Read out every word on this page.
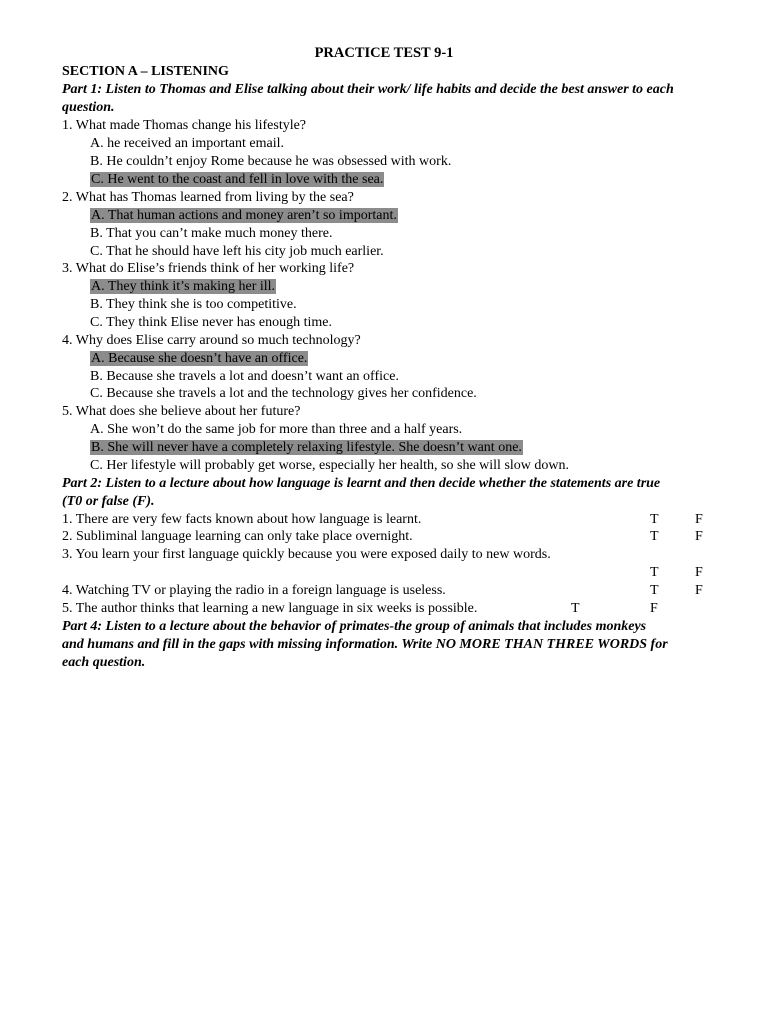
PRACTICE TEST 9-1
SECTION A – LISTENING
Part 1: Listen to Thomas and Elise talking about their work/ life habits and decide the best answer to each
question.
1. What made Thomas change his lifestyle?
A. he received an important email.
B. He couldn’t enjoy Rome because he was obsessed with work.
C. He went to the coast and fell in love with the sea.
2. What has Thomas learned from living by the sea?
A. That human actions and money aren’t so important.
B. That you can’t make much money there.
C. That he should have left his city job much earlier.
3. What do Elise’s friends think of her working life?
A. They think it’s making her ill.
B. They think she is too competitive.
C. They think Elise never has enough time.
4. Why does Elise carry around so much technology?
A. Because she doesn’t have an office.
B. Because she travels a lot and doesn’t want an office.
C. Because she travels a lot and the technology gives her confidence.
5. What does she believe about her future?
A. She won’t do the same job for more than three and a half years.
B. She will never have a completely relaxing lifestyle. She doesn’t want one.
C. Her lifestyle will probably get worse, especially her health, so she will slow down.
Part 2: Listen to a lecture about how language is learnt and then decide whether the statements are true
(T0 or false (F).
1. There are very few facts known about how language is learnt.	T	F
2. Subliminal language learning can only take place overnight.	T	F
3. You learn your first language quickly because you were exposed daily to new words.
T	F
4. Watching TV or playing the radio in a foreign language is useless.	T	F
5. The author thinks that learning a new language in six weeks is possible.	T	F
Part 4: Listen to a lecture about the behavior of primates-the group of animals that includes monkeys
and humans and fill in the gaps with missing information. Write NO MORE THAN THREE WORDS for
each question.
